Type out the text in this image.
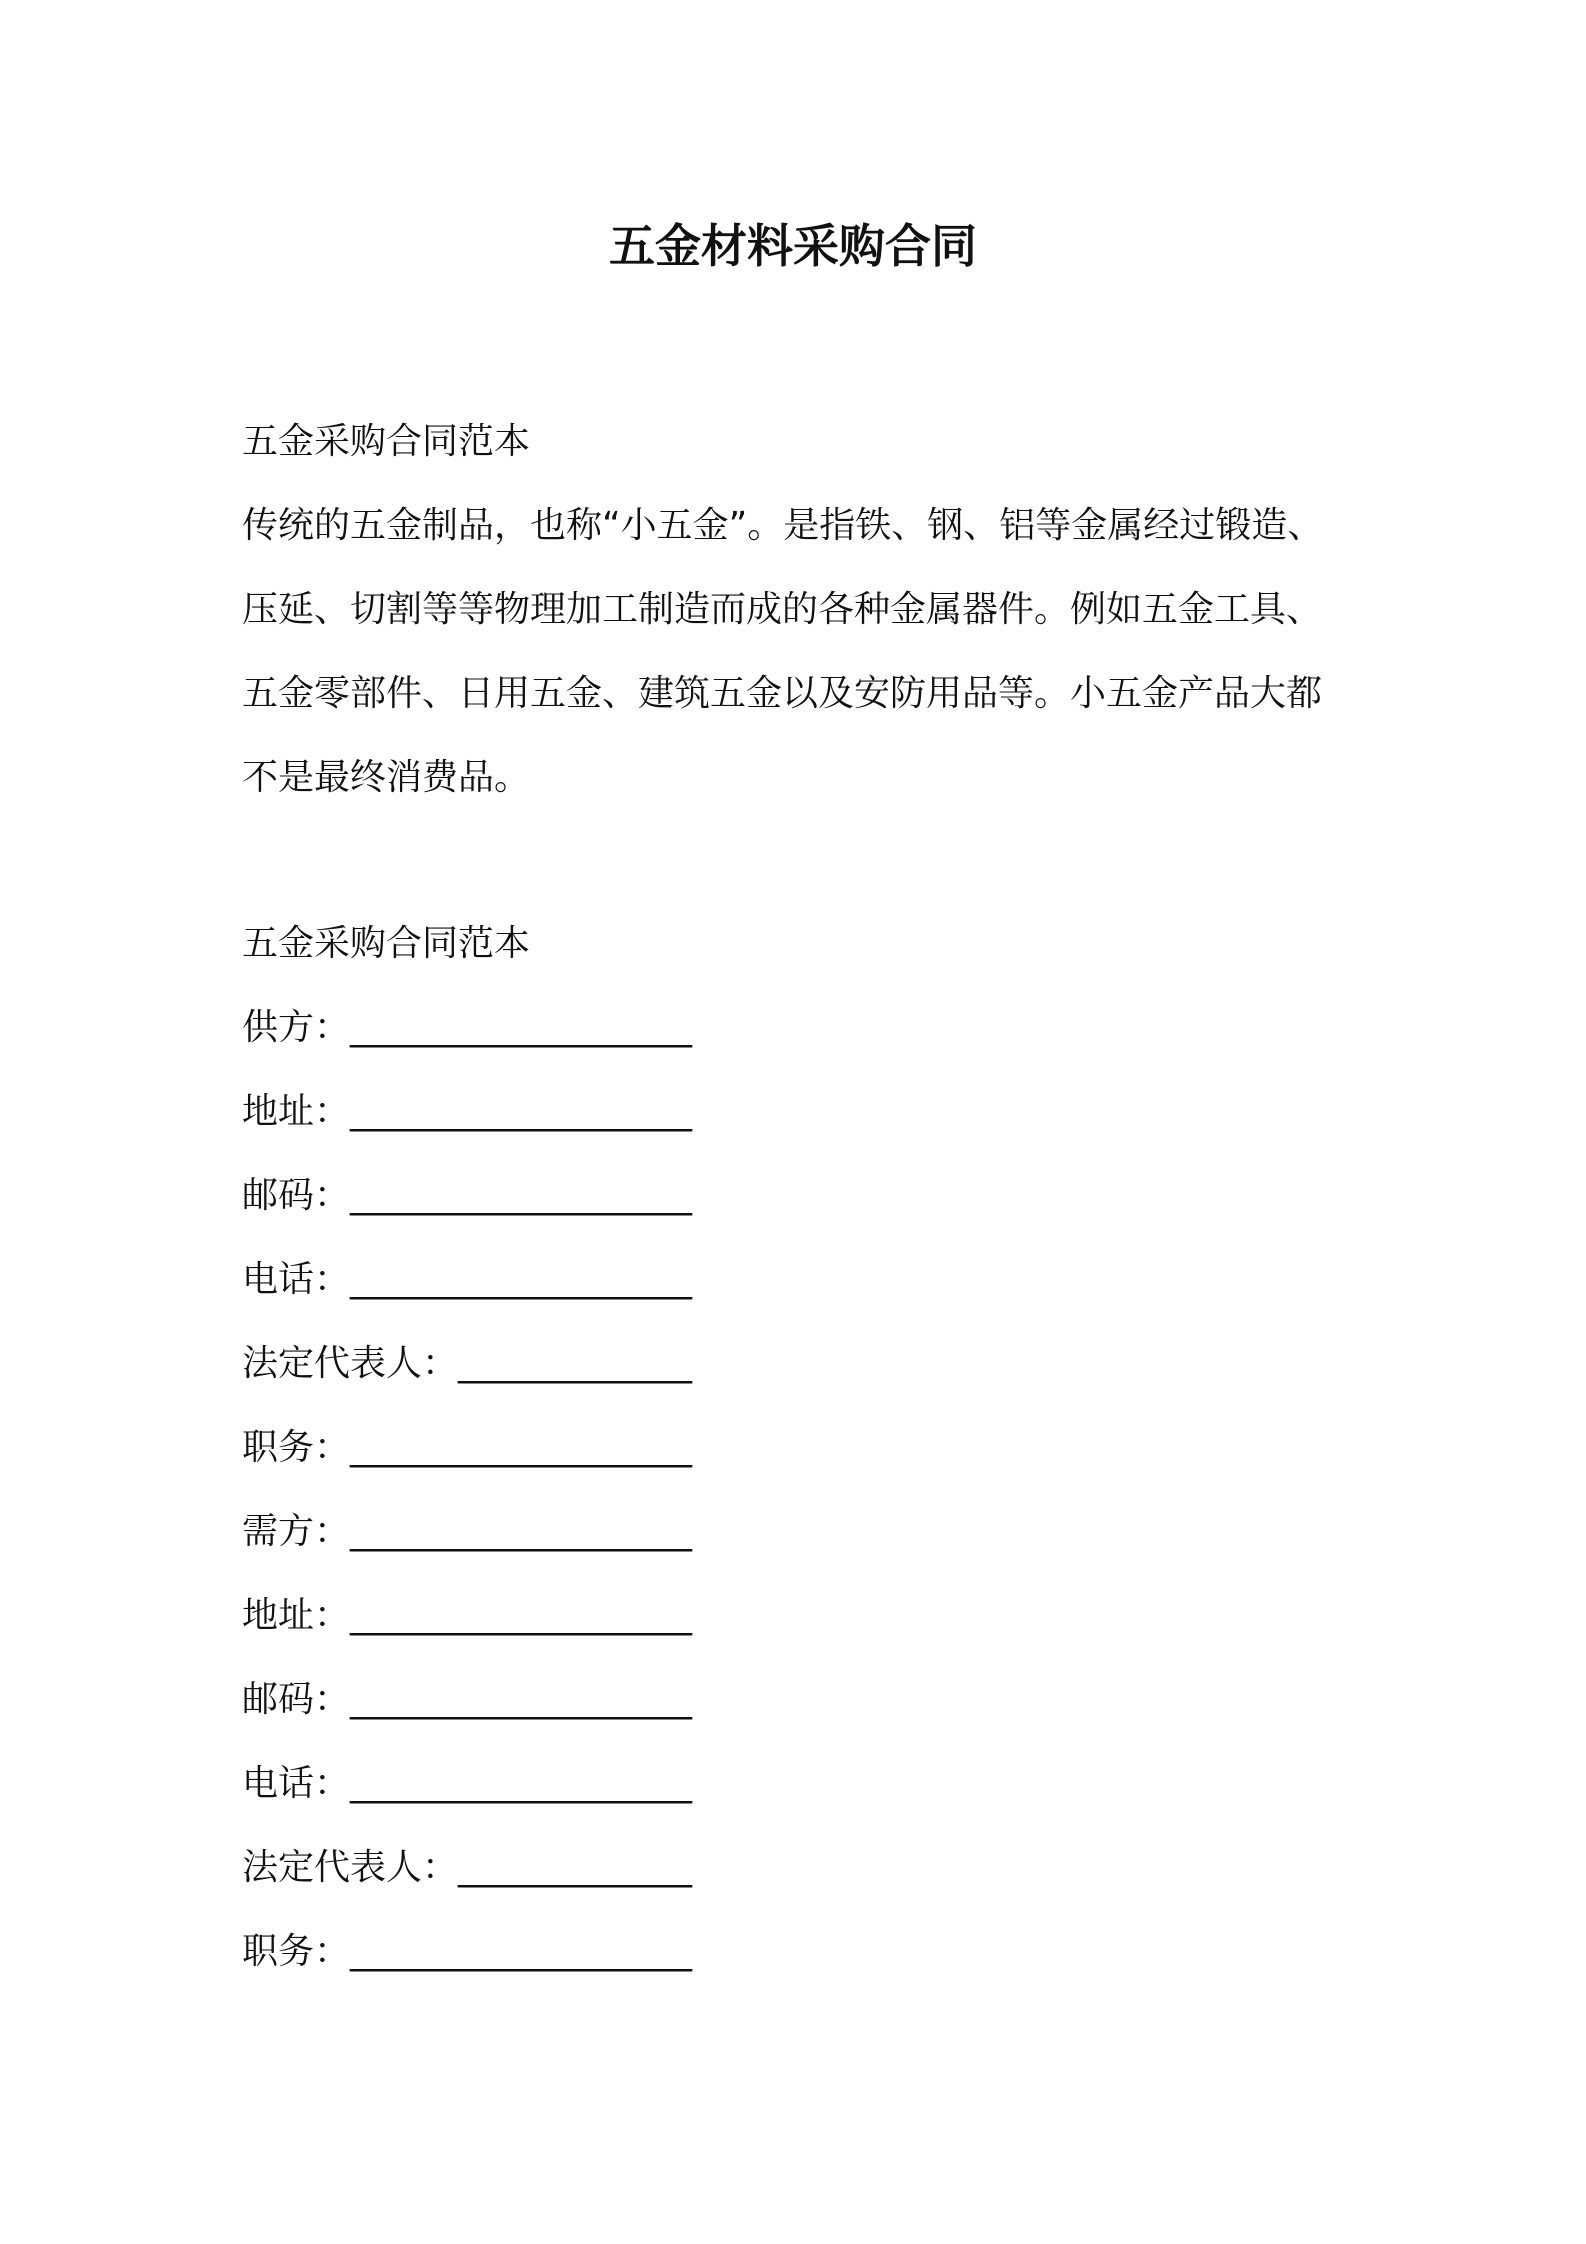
五金材料采购合同
五金采购合同范本
传统的五金制品，也称“小五金”。是指铁、钢、铝等金属经过锻造、
压延、切割等等物理加工制造而成的各种金属器件。例如五金工具、
五金零部件、日用五金、建筑五金以及安防用品等。小五金产品大都
不是最终消费品。
五金采购合同范本
供方：___________________
地址：___________________
邮码：___________________
电话：___________________
法定代表人：_____________
职务：___________________
需方：___________________
地址：___________________
邮码：___________________
电话：___________________
法定代表人：_____________
职务：___________________
